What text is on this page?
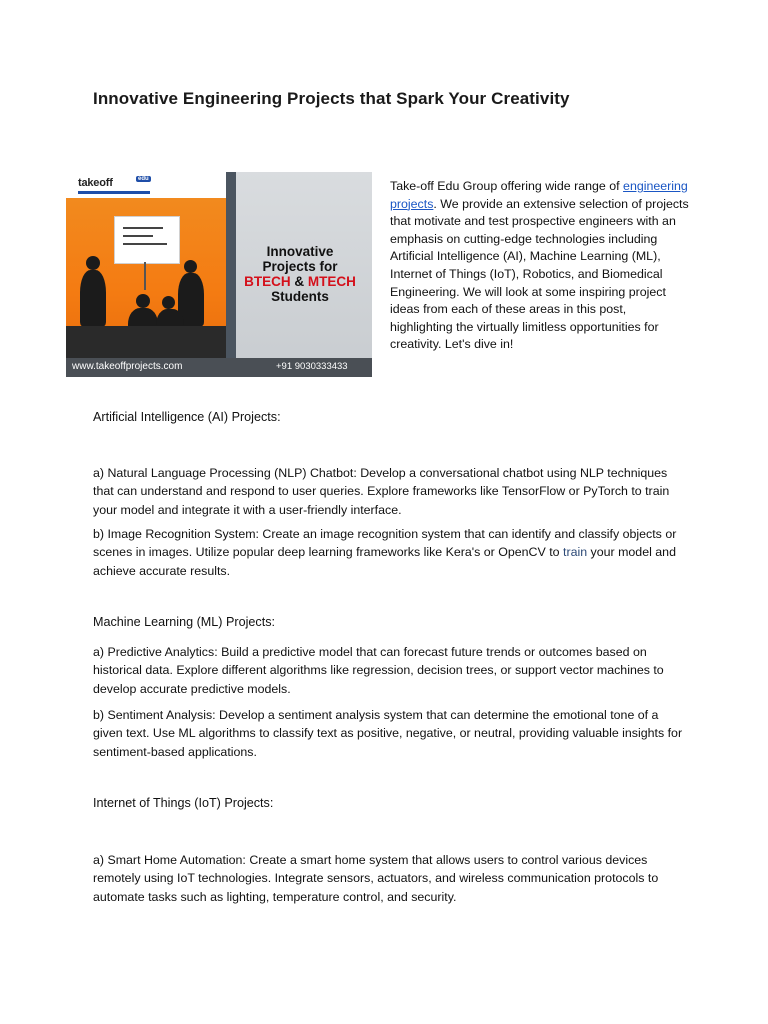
Innovative Engineering Projects that Spark Your Creativity
takeoff	edu
Innovative
Projects for
BTECH & MTECH
Students
www.takeoffprojects.com	+91 9030333433

Take-off Edu Group offering wide range of engineering projects. We provide an extensive selection of projects that motivate and test prospective engineers with an emphasis on cutting-edge technologies including Artificial Intelligence (AI), Machine Learning (ML), Internet of Things (IoT), Robotics, and Biomedical Engineering. We will look at some inspiring project ideas from each of these areas in this post, highlighting the virtually limitless opportunities for creativity. Let's dive in!

Artificial Intelligence (AI) Projects:

a) Natural Language Processing (NLP) Chatbot: Develop a conversational chatbot using NLP techniques that can understand and respond to user queries. Explore frameworks like TensorFlow or PyTorch to train your model and integrate it with a user-friendly interface.

b) Image Recognition System: Create an image recognition system that can identify and classify objects or scenes in images. Utilize popular deep learning frameworks like Kera's or OpenCV to train your model and achieve accurate results.

Machine Learning (ML) Projects:

a) Predictive Analytics: Build a predictive model that can forecast future trends or outcomes based on historical data. Explore different algorithms like regression, decision trees, or support vector machines to develop accurate predictive models.

b) Sentiment Analysis: Develop a sentiment analysis system that can determine the emotional tone of a given text. Use ML algorithms to classify text as positive, negative, or neutral, providing valuable insights for sentiment-based applications.

Internet of Things (IoT) Projects:

a) Smart Home Automation: Create a smart home system that allows users to control various devices remotely using IoT technologies. Integrate sensors, actuators, and wireless communication protocols to automate tasks such as lighting, temperature control, and security.
